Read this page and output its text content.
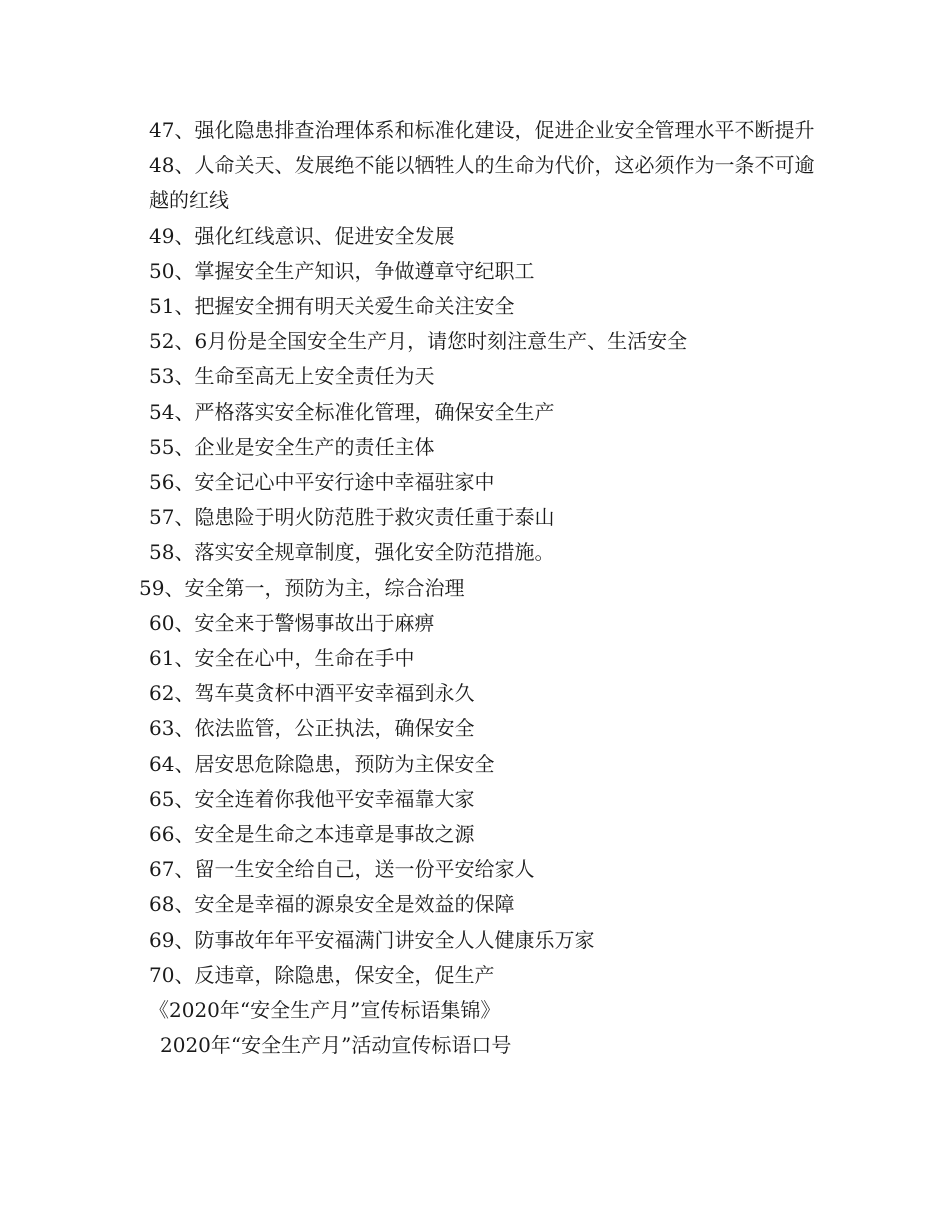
47、强化隐患排查治理体系和标准化建设，促进企业安全管理水平不断提升
48、人命关天、发展绝不能以牺牲人的生命为代价，这必须作为一条不可逾越的红线
49、强化红线意识、促进安全发展
50、掌握安全生产知识，争做遵章守纪职工
51、把握安全拥有明天关爱生命关注安全
52、6月份是全国安全生产月，请您时刻注意生产、生活安全
53、生命至高无上安全责任为天
54、严格落实安全标准化管理，确保安全生产
55、企业是安全生产的责任主体
56、安全记心中平安行途中幸福驻家中
57、隐患险于明火防范胜于救灾责任重于泰山
58、落实安全规章制度，强化安全防范措施。
59、安全第一，预防为主，综合治理
60、安全来于警惕事故出于麻痹
61、安全在心中，生命在手中
62、驾车莫贪杯中酒平安幸福到永久
63、依法监管，公正执法，确保安全
64、居安思危除隐患，预防为主保安全
65、安全连着你我他平安幸福靠大家
66、安全是生命之本违章是事故之源
67、留一生安全给自己，送一份平安给家人
68、安全是幸福的源泉安全是效益的保障
69、防事故年年平安福满门讲安全人人健康乐万家
70、反违章，除隐患，保安全，促生产
《2020年“安全生产月”宣传标语集锦》
2020年“安全生产月”活动宣传标语口号
